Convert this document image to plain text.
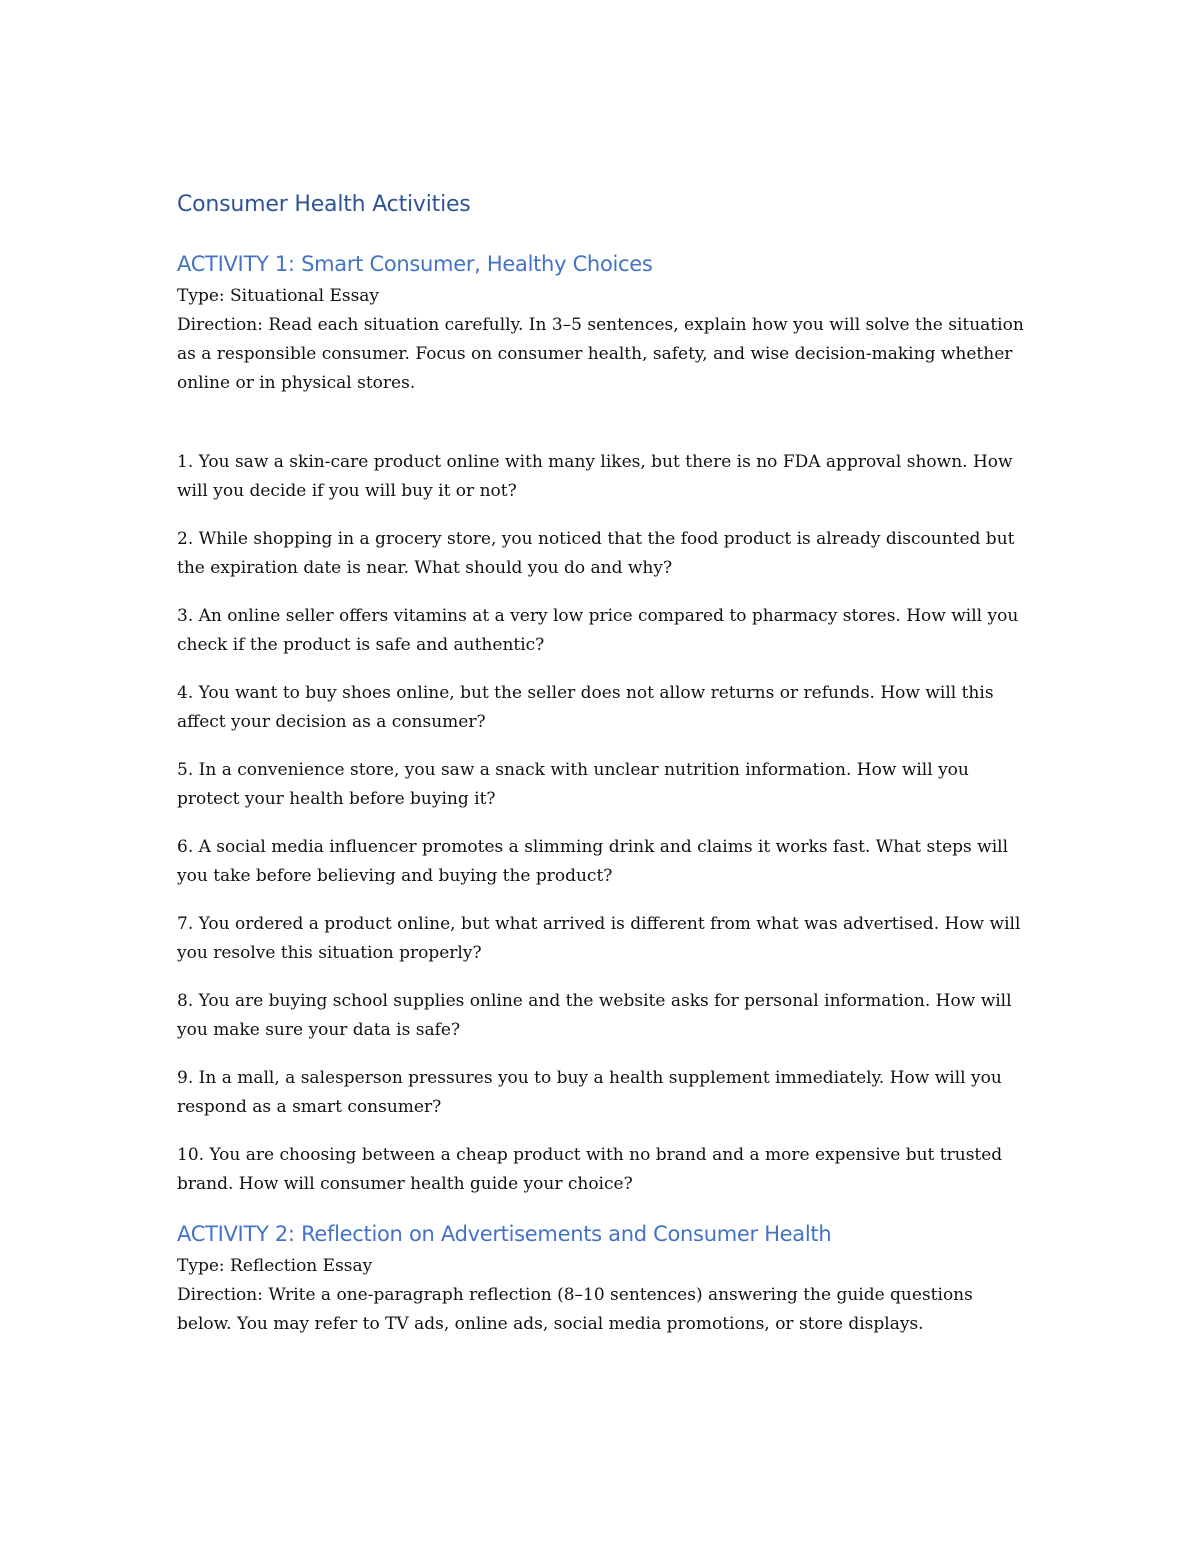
Consumer Health Activities
ACTIVITY 1: Smart Consumer, Healthy Choices

Type: Situational Essay

Direction: Read each situation carefully. In 3–5 sentences, explain how you will solve the situation as a responsible consumer. Focus on consumer health, safety, and wise decision-making whether online or in physical stores.

1. You saw a skin-care product online with many likes, but there is no FDA approval shown. How will you decide if you will buy it or not?

2. While shopping in a grocery store, you noticed that the food product is already discounted but the expiration date is near. What should you do and why?

3. An online seller offers vitamins at a very low price compared to pharmacy stores. How will you check if the product is safe and authentic?

4. You want to buy shoes online, but the seller does not allow returns or refunds. How will this affect your decision as a consumer?

5. In a convenience store, you saw a snack with unclear nutrition information. How will you protect your health before buying it?

6. A social media influencer promotes a slimming drink and claims it works fast. What steps will you take before believing and buying the product?

7. You ordered a product online, but what arrived is different from what was advertised. How will you resolve this situation properly?

8. You are buying school supplies online and the website asks for personal information. How will you make sure your data is safe?

9. In a mall, a salesperson pressures you to buy a health supplement immediately. How will you respond as a smart consumer?

10. You are choosing between a cheap product with no brand and a more expensive but trusted brand. How will consumer health guide your choice?

ACTIVITY 2: Reflection on Advertisements and Consumer Health

Type: Reflection Essay

Direction: Write a one-paragraph reflection (8–10 sentences) answering the guide questions below. You may refer to TV ads, online ads, social media promotions, or store displays.
